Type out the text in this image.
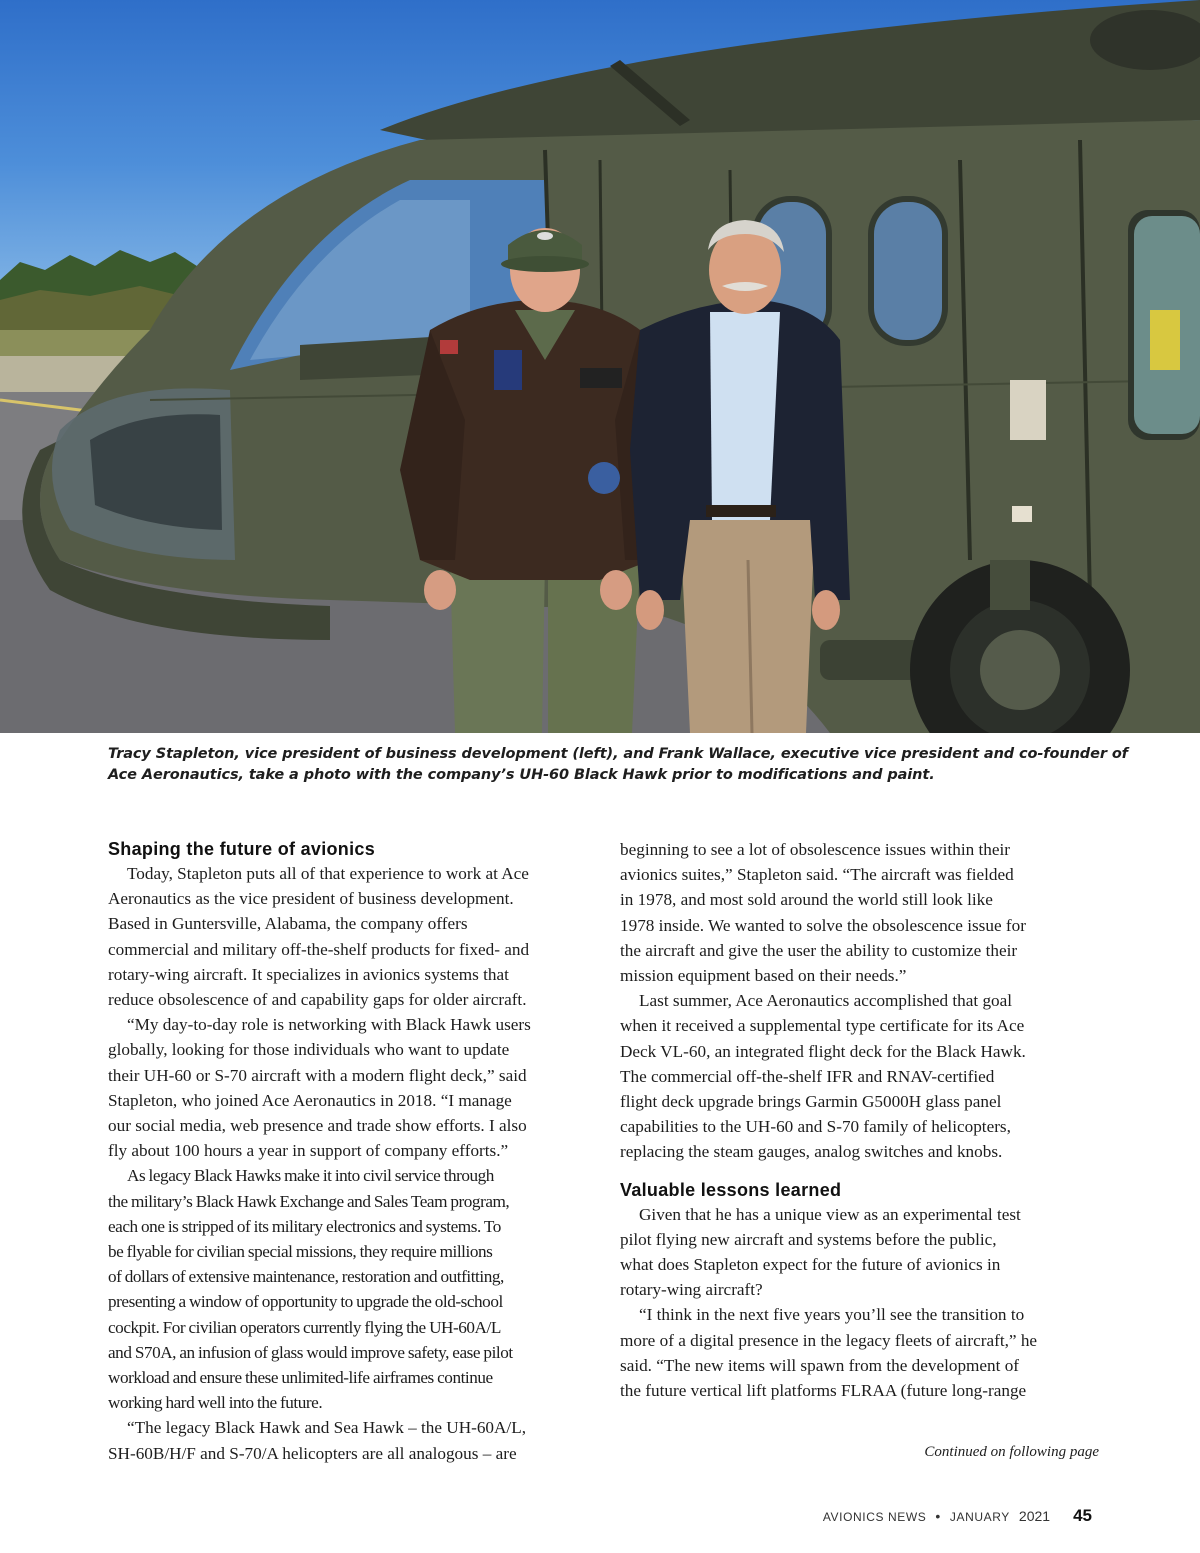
Tracy Stapleton, vice president of business development (left), and Frank Wallace, executive vice president and co-founder of
Ace Aeronautics, take a photo with the company’s UH-60 Black Hawk prior to modifications and paint.
Shaping the future of avionics

Today, Stapleton puts all of that experience to work at Ace
Aeronautics as the vice president of business development.
Based in Guntersville, Alabama, the company offers
commercial and military off-the-shelf products for fixed- and
rotary-wing aircraft. It specializes in avionics systems that
reduce obsolescence of and capability gaps for older aircraft.

“My day-to-day role is networking with Black Hawk users
globally, looking for those individuals who want to update
their UH-60 or S-70 aircraft with a modern flight deck,” said
Stapleton, who joined Ace Aeronautics in 2018. “I manage
our social media, web presence and trade show efforts. I also
fly about 100 hours a year in support of company efforts.”

As legacy Black Hawks make it into civil service through
the military’s Black Hawk Exchange and Sales Team program,
each one is stripped of its military electronics and systems. To
be flyable for civilian special missions, they require millions
of dollars of extensive maintenance, restoration and outfitting,
presenting a window of opportunity to upgrade the old-school
cockpit. For civilian operators currently flying the UH-60A/L
and S70A, an infusion of glass would improve safety, ease pilot
workload and ensure these unlimited-life airframes continue
working hard well into the future.

“The legacy Black Hawk and Sea Hawk – the UH-60A/L,
SH-60B/H/F and S-70/A helicopters are all analogous – are

beginning to see a lot of obsolescence issues within their
avionics suites,” Stapleton said. “The aircraft was fielded
in 1978, and most sold around the world still look like
1978 inside. We wanted to solve the obsolescence issue for
the aircraft and give the user the ability to customize their
mission equipment based on their needs.”

Last summer, Ace Aeronautics accomplished that goal
when it received a supplemental type certificate for its Ace
Deck VL-60, an integrated flight deck for the Black Hawk.
The commercial off-the-shelf IFR and RNAV-certified
flight deck upgrade brings Garmin G5000H glass panel
capabilities to the UH-60 and S-70 family of helicopters,
replacing the steam gauges, analog switches and knobs.

Valuable lessons learned

Given that he has a unique view as an experimental test
pilot flying new aircraft and systems before the public,
what does Stapleton expect for the future of avionics in
rotary-wing aircraft?

“I think in the next five years you’ll see the transition to
more of a digital presence in the legacy fleets of aircraft,” he
said. “The new items will spawn from the development of
the future vertical lift platforms FLRAA (future long-range

Continued on following page
AVIONICS NEWS • JANUARY 2021 45
